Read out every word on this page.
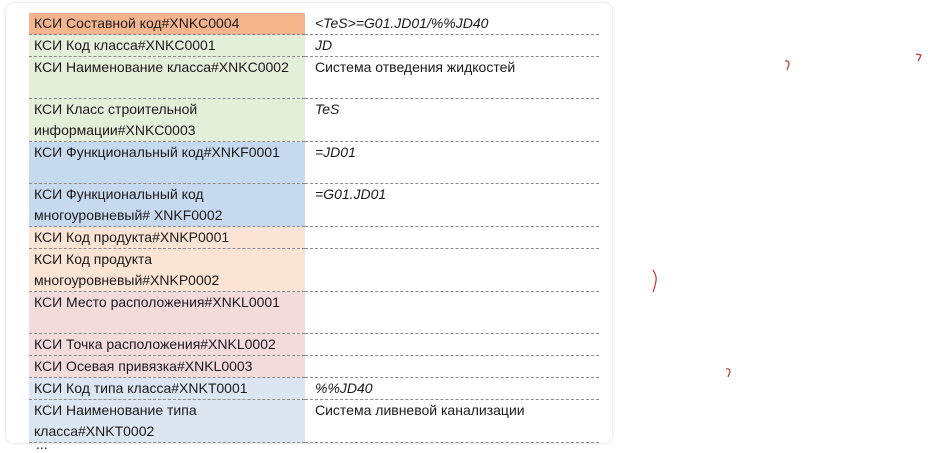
КСИ Составной код#XNKC0004	<TeS>=G01.JD01/%%JD40
КСИ Код класса#XNKC0001	JD
КСИ Наименование класса#XNKC0002	Система отведения жидкостей
КСИ Класс строительной информации#XNKC0003	TeS
КСИ Функциональный код#XNKF0001	=JD01
КСИ Функциональный код многоуровневый# XNKF0002	=G01.JD01
КСИ Код продукта#XNKP0001	
КСИ Код продукта многоуровневый#XNKP0002	
КСИ Место расположения#XNKL0001	
КСИ Точка расположения#XNKL0002	
КСИ Осевая привязка#XNKL0003	
КСИ Код типа класса#XNKT0001	%%JD40
КСИ Наименование типа класса#XNKT0002	Система ливневой канализации
...
